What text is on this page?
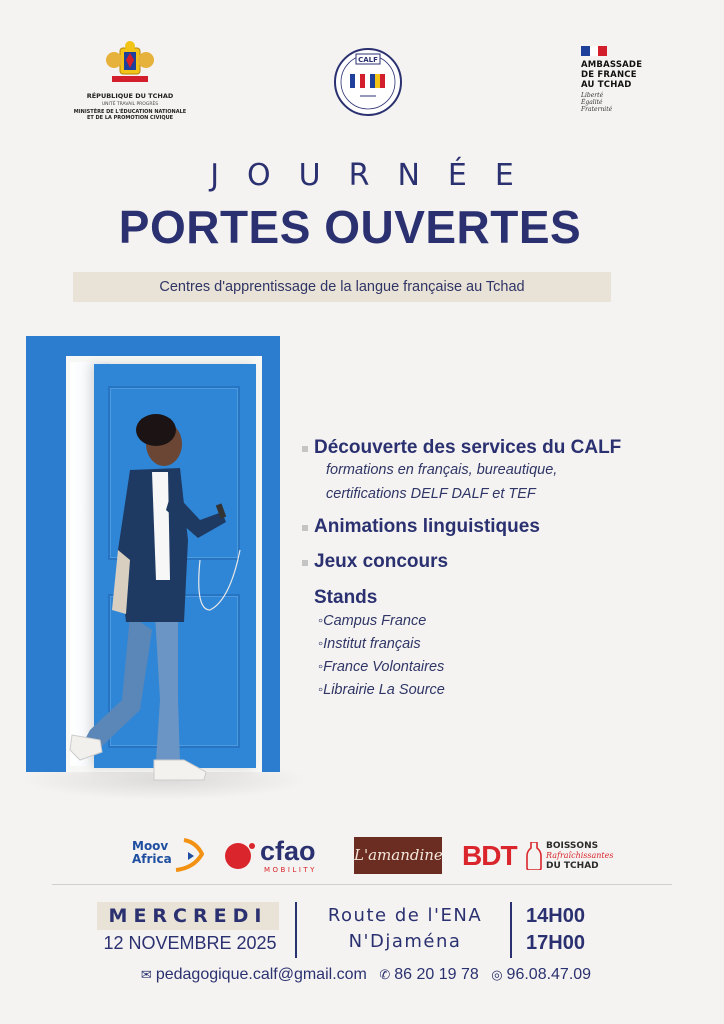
RÉPUBLIQUE DU TCHAD
UNITÉ TRAVAIL PROGRÈS
MINISTÈRE DE L'ÉDUCATION NATIONALE ET DE LA PROMOTION CIVIQUE
CALF	AMBASSADE
DE FRANCE
AU TCHAD
Liberté
Égalité
Fraternité
JOURNÉE
PORTES OUVERTES
Centres d'apprentissage de la langue française au Tchad
Découverte des services du CALF
formations en français, bureautique,
certifications DELF DALF et TEF
Animations linguistiques
Jeux concours
Stands
◦Campus France
◦Institut français
◦France Volontaires
◦Librairie La Source
Moov Africa	cfao
MOBILITY
L'amandine BDT	BOISSONS
Rafraîchissantes
DU TCHAD
MERCREDI
12 NOVEMBRE 2025
Route de l'ENA
N'Djaména
14H00
17H00
✉ pedagogique.calf@gmail.com ✆ 86 20 19 78 ◎ 96.08.47.09
